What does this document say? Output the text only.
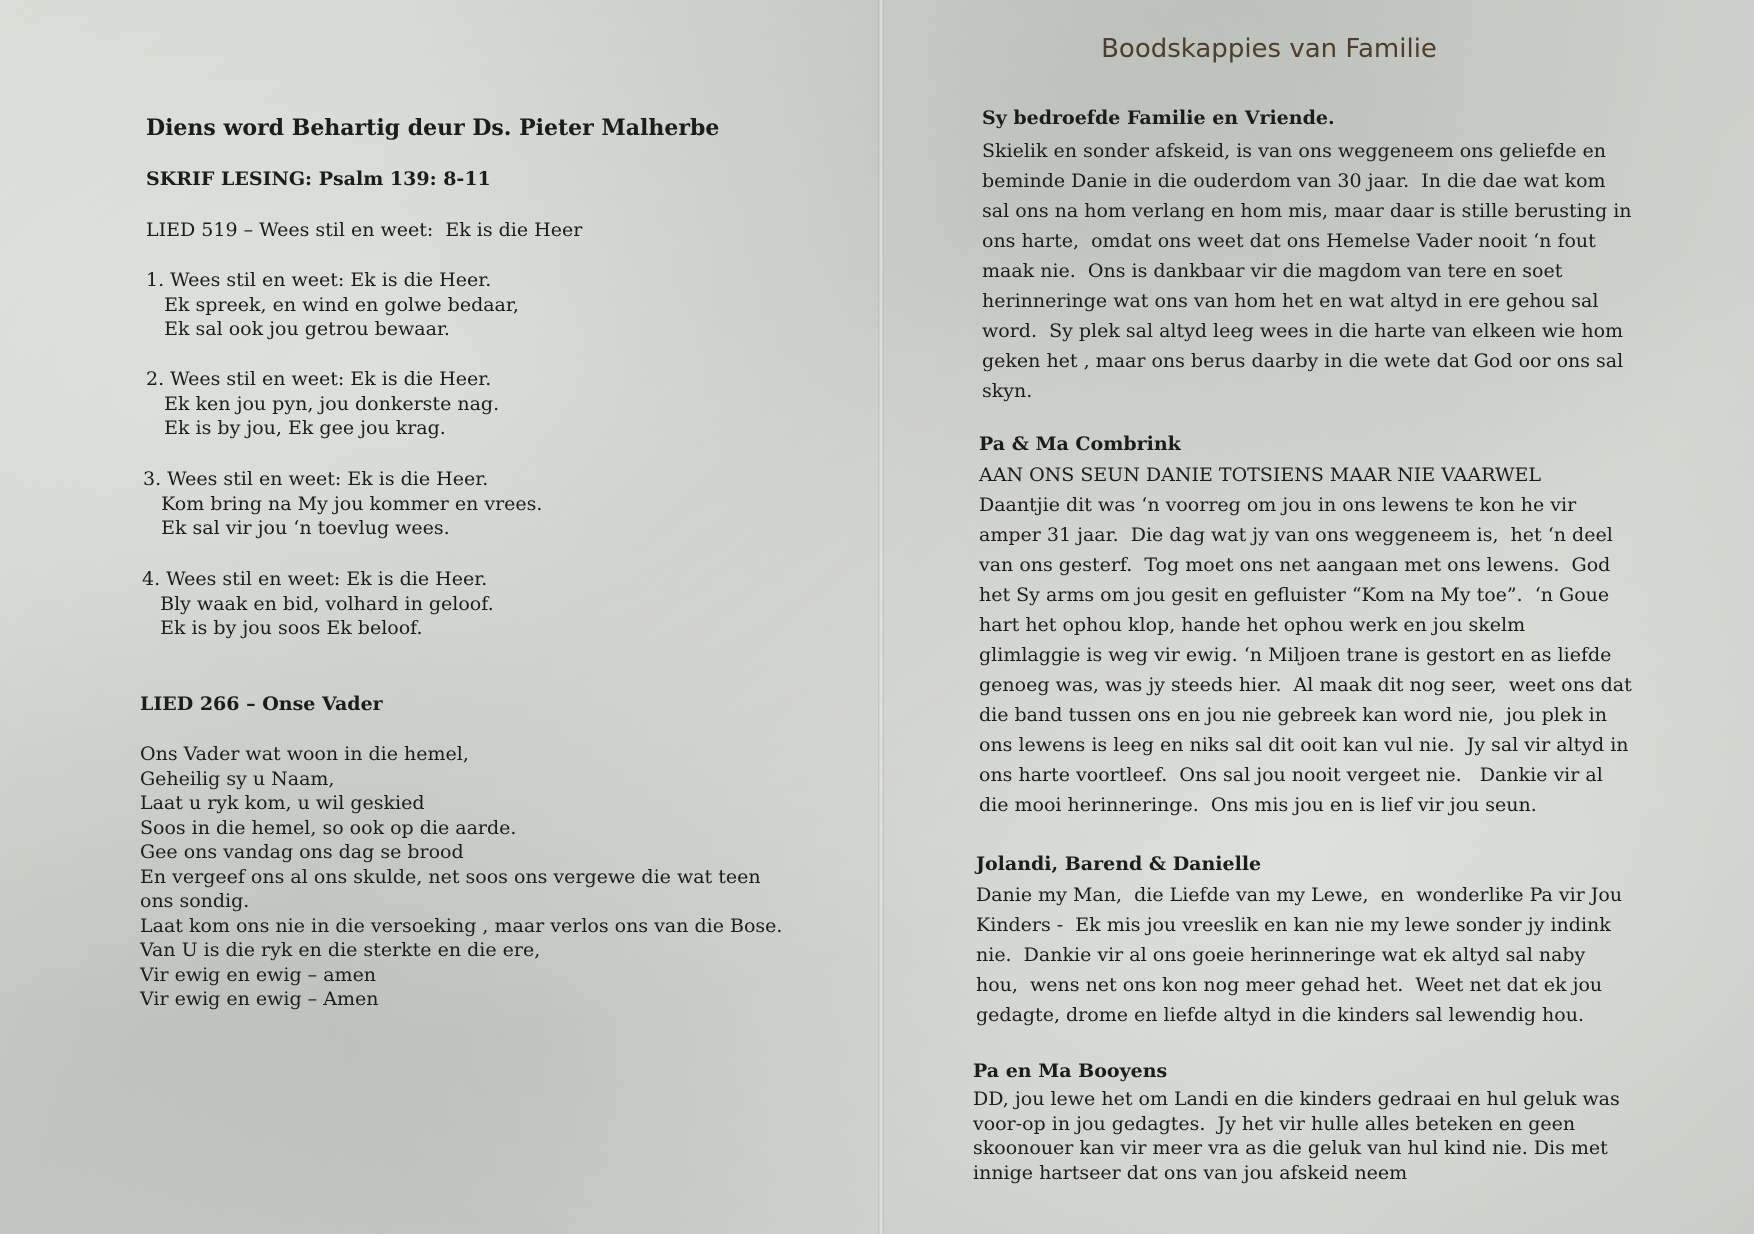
Diens word Behartig deur Ds. Pieter Malherbe
SKRIF LESING: Psalm 139: 8-11
LIED 519 – Wees stil en weet:  Ek is die Heer
1. Wees stil en weet: Ek is die Heer.
Ek spreek, en wind en golwe bedaar,
Ek sal ook jou getrou bewaar.
2. Wees stil en weet: Ek is die Heer.
Ek ken jou pyn, jou donkerste nag.
Ek is by jou, Ek gee jou krag.
3. Wees stil en weet: Ek is die Heer.
Kom bring na My jou kommer en vrees.
Ek sal vir jou ‘n toevlug wees.
4. Wees stil en weet: Ek is die Heer.
Bly waak en bid, volhard in geloof.
Ek is by jou soos Ek beloof.
LIED 266 – Onse Vader
Ons Vader wat woon in die hemel,
Geheilig sy u Naam,
Laat u ryk kom, u wil geskied
Soos in die hemel, so ook op die aarde.
Gee ons vandag ons dag se brood
En vergeef ons al ons skulde, net soos ons vergewe die wat teen
ons sondig.
Laat kom ons nie in die versoeking , maar verlos ons van die Bose.
Van U is die ryk en die sterkte en die ere,
Vir ewig en ewig – amen
Vir ewig en ewig – Amen
Boodskappies van Familie
Sy bedroefde Familie en Vriende.
Skielik en sonder afskeid, is van ons weggeneem ons geliefde en
beminde Danie in die ouderdom van 30 jaar.  In die dae wat kom
sal ons na hom verlang en hom mis, maar daar is stille berusting in
ons harte,  omdat ons weet dat ons Hemelse Vader nooit ‘n fout
maak nie.  Ons is dankbaar vir die magdom van tere en soet
herinneringe wat ons van hom het en wat altyd in ere gehou sal
word.  Sy plek sal altyd leeg wees in die harte van elkeen wie hom
geken het , maar ons berus daarby in die wete dat God oor ons sal
skyn.
Pa & Ma Combrink
AAN ONS SEUN DANIE TOTSIENS MAAR NIE VAARWEL
Daantjie dit was ‘n voorreg om jou in ons lewens te kon he vir
amper 31 jaar.  Die dag wat jy van ons weggeneem is,  het ‘n deel
van ons gesterf.  Tog moet ons net aangaan met ons lewens.  God
het Sy arms om jou gesit en gefluister “Kom na My toe”.  ‘n Goue
hart het ophou klop, hande het ophou werk en jou skelm
glimlaggie is weg vir ewig. ‘n Miljoen trane is gestort en as liefde
genoeg was, was jy steeds hier.  Al maak dit nog seer,  weet ons dat
die band tussen ons en jou nie gebreek kan word nie,  jou plek in
ons lewens is leeg en niks sal dit ooit kan vul nie.  Jy sal vir altyd in
ons harte voortleef.  Ons sal jou nooit vergeet nie.   Dankie vir al
die mooi herinneringe.  Ons mis jou en is lief vir jou seun.
Jolandi, Barend & Danielle
Danie my Man,  die Liefde van my Lewe,  en  wonderlike Pa vir Jou
Kinders -  Ek mis jou vreeslik en kan nie my lewe sonder jy indink
nie.  Dankie vir al ons goeie herinneringe wat ek altyd sal naby
hou,  wens net ons kon nog meer gehad het.  Weet net dat ek jou
gedagte, drome en liefde altyd in die kinders sal lewendig hou.
Pa en Ma Booyens
DD, jou lewe het om Landi en die kinders gedraai en hul geluk was
voor-op in jou gedagtes.  Jy het vir hulle alles beteken en geen
skoonouer kan vir meer vra as die geluk van hul kind nie. Dis met
innige hartseer dat ons van jou afskeid neem
